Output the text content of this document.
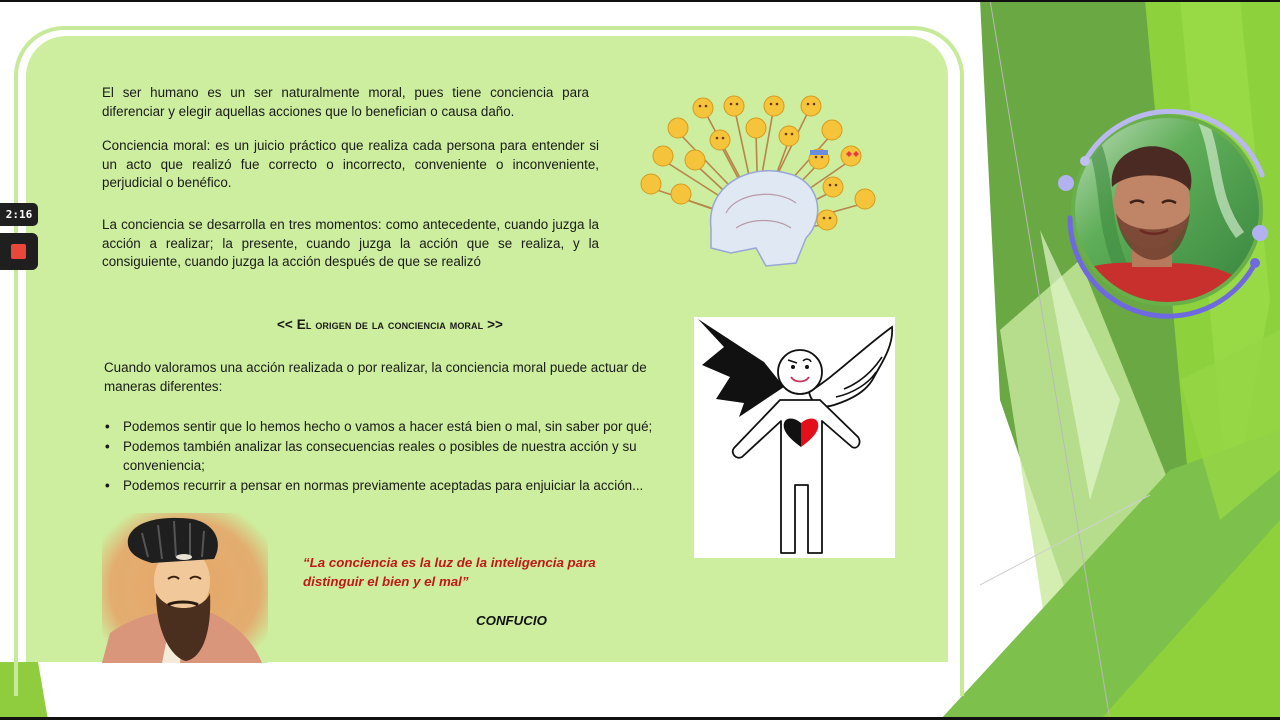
El ser humano es un ser naturalmente moral, pues tiene conciencia para diferenciar y elegir aquellas acciones que lo benefician o causa daño.

Conciencia moral: es un juicio práctico que realiza cada persona para entender si un acto que realizó fue correcto o incorrecto, conveniente o inconveniente, perjudicial o benéfico.

La conciencia se desarrolla en tres momentos: como antecedente, cuando juzga la acción a realizar; la presente, cuando juzga la acción que se realiza, y la consiguiente, cuando juzga la acción después de que se realizó

<< El origen de la conciencia moral >>

Cuando valoramos una acción realizada o por realizar, la conciencia moral puede actuar de maneras diferentes:

• Podemos sentir que lo hemos hecho o vamos a hacer está bien o mal, sin saber por qué;
• Podemos también analizar las consecuencias reales o posibles de nuestra acción y su conveniencia;
• Podemos recurrir a pensar en normas previamente aceptadas para enjuiciar la acción...
“La conciencia es la luz de la inteligencia para distinguir el bien y el mal”
CONFUCIO
2:16
